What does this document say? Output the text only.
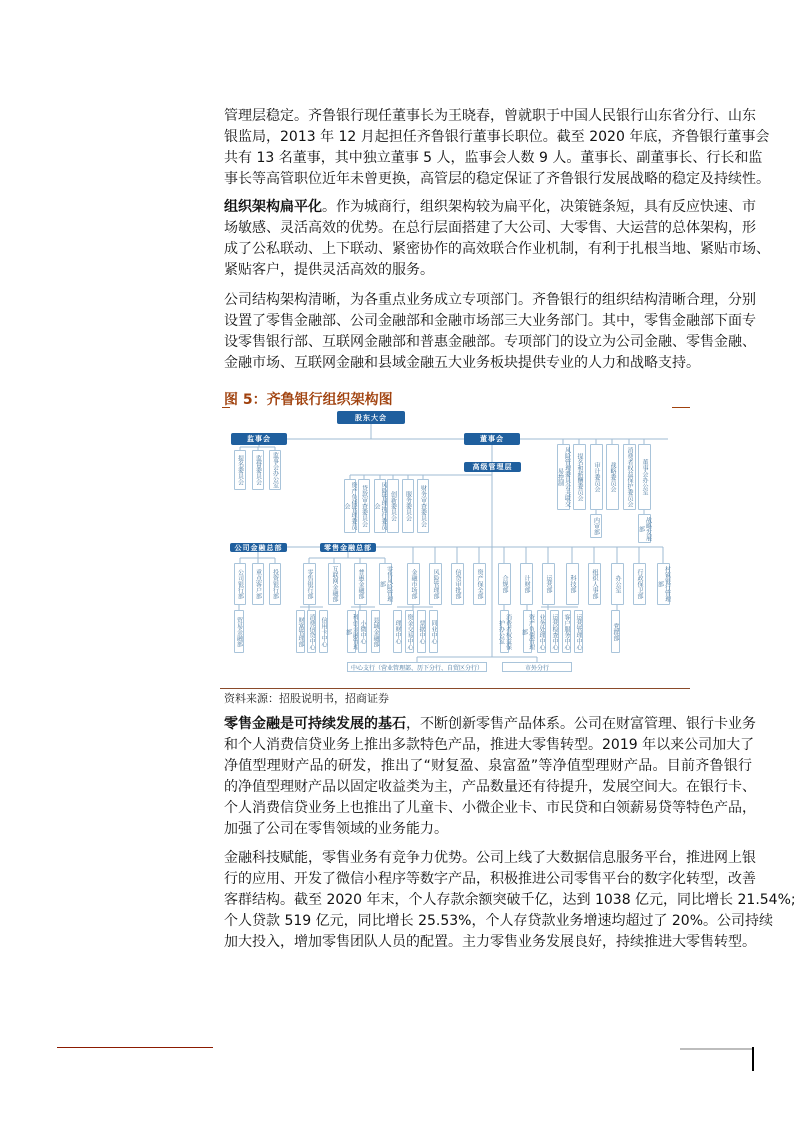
管理层稳定。齐鲁银行现任董事长为王晓春，曾就职于中国人民银行山东省分行、山东
银监局，2013 年 12 月起担任齐鲁银行董事长职位。截至 2020 年底，齐鲁银行董事会
共有 13 名董事，其中独立董事 5 人，监事会人数 9 人。董事长、副董事长、行长和监
事长等高管职位近年未曾更换，高管层的稳定保证了齐鲁银行发展战略的稳定及持续性。
组织架构扁平化。作为城商行，组织架构较为扁平化，决策链条短，具有反应快速、市
场敏感、灵活高效的优势。在总行层面搭建了大公司、大零售、大运营的总体架构，形
成了公私联动、上下联动、紧密协作的高效联合作业机制，有利于扎根当地、紧贴市场、
紧贴客户，提供灵活高效的服务。
公司结构架构清晰，为各重点业务成立专项部门。齐鲁银行的组织结构清晰合理，分别
设置了零售金融部、公司金融部和金融市场部三大业务部门。其中，零售金融部下面专
设零售银行部、互联网金融部和普惠金融部。专项部门的设立为公司金融、零售金融、
金融市场、互联网金融和县域金融五大业务板块提供专业的人力和战略支持。
零售金融是可持续发展的基石，不断创新零售产品体系。公司在财富管理、银行卡业务
和个人消费信贷业务上推出多款特色产品，推进大零售转型。2019 年以来公司加大了
净值型理财产品的研发，推出了“财复盈、泉富盈”等净值型理财产品。目前齐鲁银行
的净值型理财产品以固定收益类为主，产品数量还有待提升，发展空间大。在银行卡、
个人消费信贷业务上也推出了儿童卡、小微企业卡、市民贷和白领薪易贷等特色产品，
加强了公司在零售领域的业务能力。
金融科技赋能，零售业务有竞争力优势。公司上线了大数据信息服务平台，推进网上银
行的应用、开发了微信小程序等数字产品，积极推进公司零售平台的数字化转型，改善
客群结构。截至 2020 年末，个人存款余额突破千亿，达到 1038 亿元，同比增长 21.54%;
个人贷款 519 亿元，同比增长 25.53%，个人存贷款业务增速均超过了 20%。公司持续
加大投入，增加零售团队人员的配置。主力零售业务发展良好，持续推进大零售转型。
图 5：齐鲁银行组织架构图
股东大会
监事会	董事会
高级管理层
公司金融总部	零售金融总部
提名委员会	监督委员会	监事会办公室
资产负债管理委员会	贷款审查委员会	风险管理执行委员会	创新委员会	服务委员会	财务审查委员会	风险管理委员会关联交易控制	提名和薪酬委员会	审计委员会	战略委员会	消费者权益保护委员会	董事会办公室
内审部	战略发展部
公司银行部	重点客户部	投资银行部	零售银行部	互联网金融部	普惠金融部	零售风险管理部	金融市场部	风险管理部	信贷审批部	资产保全部	合规部	计财部	运营部	科技部	组织人事部	办公室	行政保卫部	村镇银行管理部
贸易金融部	财富管理部 消费信贷中心 信用卡中心	科创金融管理部	小微中心 县域金融部	理财中心 资金交易中心 票据中心 同业中心	消费者权益保护办公室	资产负债管理部	业务处理中心 运营检查中心 客户服务中心 运营管理中心	党群部
中心支行（营业管理部、历下分行、自贸区分行）	市外分行
资料来源：招股说明书，招商证券
